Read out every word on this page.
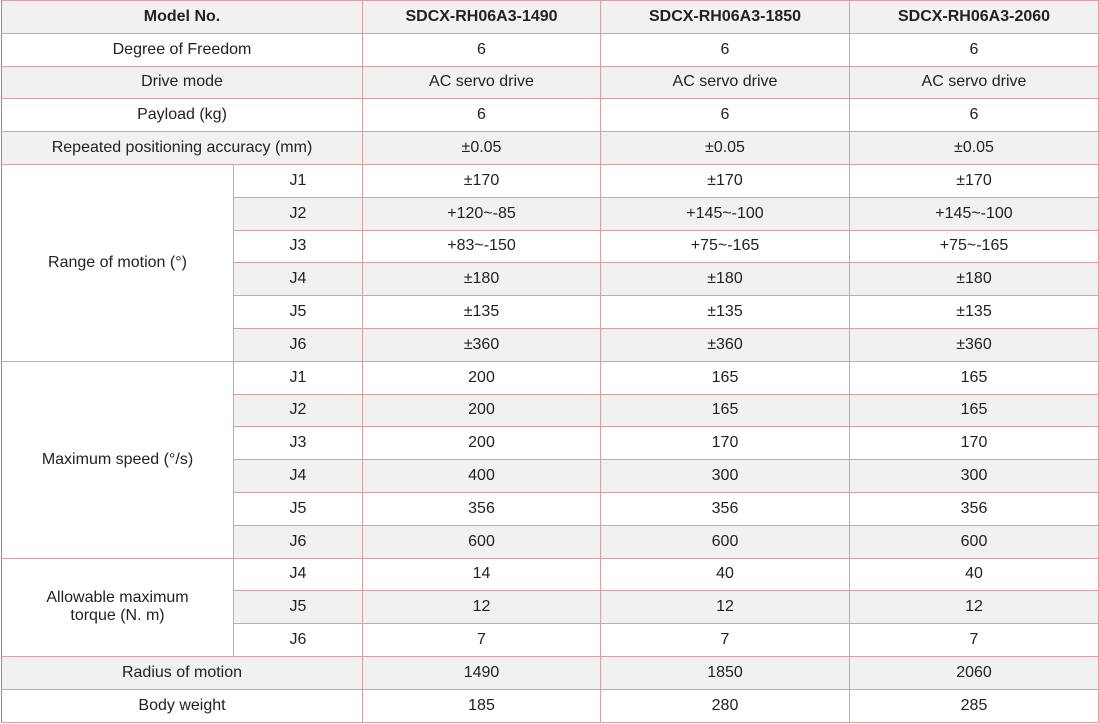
Model No.		SDCX-RH06A3-1490	SDCX-RH06A3-1850	SDCX-RH06A3-2060
Degree of Freedom		6	6	6
Drive mode		AC servo drive	AC servo drive	AC servo drive
Payload (kg)		6	6	6
Repeated positioning accuracy (mm)		±0.05	±0.05	±0.05
Range of motion (°)	J1	±170	±170	±170
	J2	+120~-85	+145~-100	+145~-100
	J3	+83~-150	+75~-165	+75~-165
	J4	±180	±180	±180
	J5	±135	±135	±135
	J6	±360	±360	±360
Maximum speed (°/s)	J1	200	165	165
	J2	200	165	165
	J3	200	170	170
	J4	400	300	300
	J5	356	356	356
	J6	600	600	600
Allowable maximum torque (N. m)	J4	14	40	40
	J5	12	12	12
	J6	7	7	7
Radius of motion		1490	1850	2060
Body weight		185	280	285
